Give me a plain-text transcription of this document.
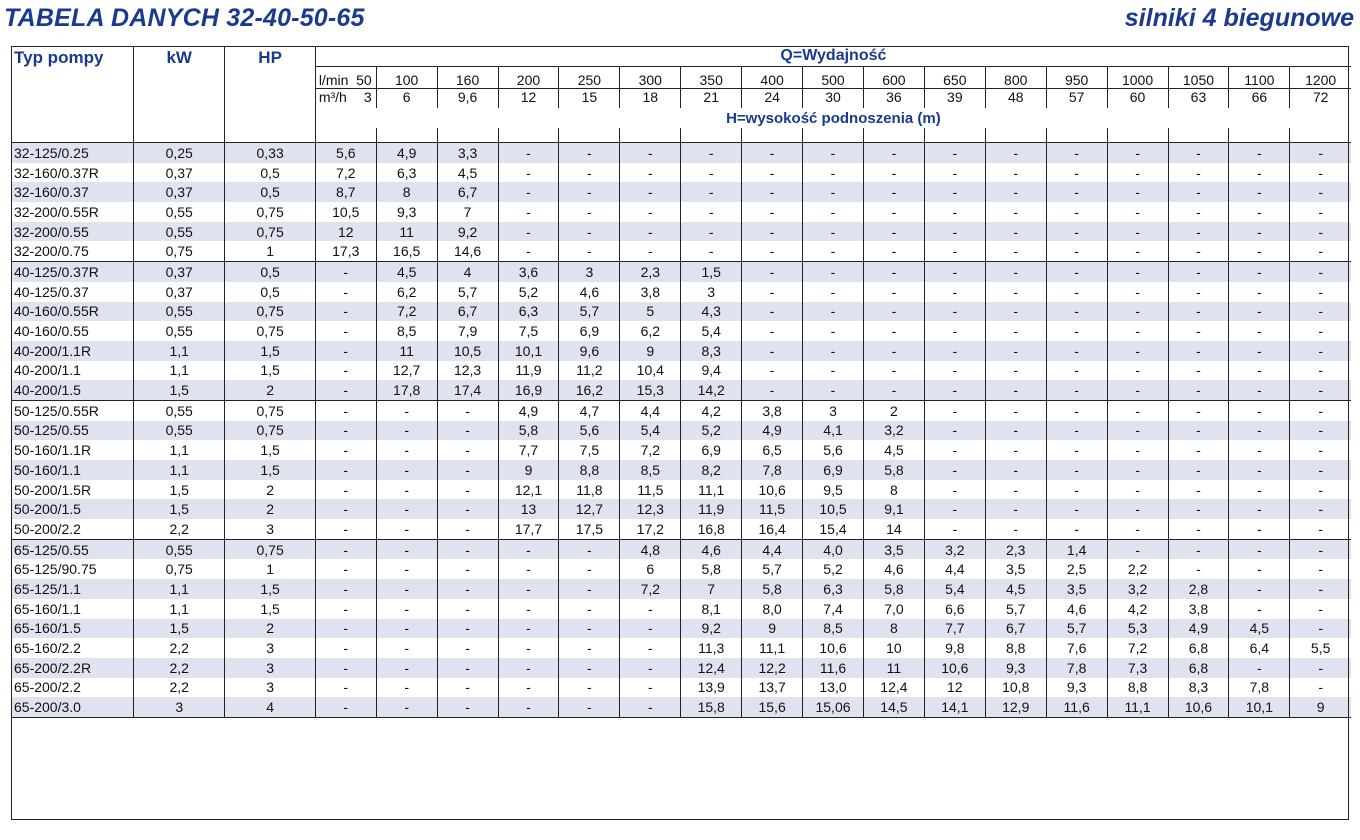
TABELA DANYCH 32-40-50-65	silniki 4 biegunowe
Typ pompy	kW	HP	Q=Wydajność																
			l/min 50	100	160	200	250	300	350	400	500	600	650	800	950	1000	1050	1100	1200
			m³/h 3	6	9,6	12	15	18	21	24	30	36	39	48	57	60	63	66	72
			H=wysokość podnoszenia (m)																

32-125/0.25	0,25	0,33	5,6	4,9	3,3	-	-	-	-	-	-	-	-	-	-	-	-	-	-
32-160/0.37R	0,37	0,5	7,2	6,3	4,5	-	-	-	-	-	-	-	-	-	-	-	-	-	-
32-160/0.37	0,37	0,5	8,7	8	6,7	-	-	-	-	-	-	-	-	-	-	-	-	-	-
32-200/0.55R	0,55	0,75	10,5	9,3	7	-	-	-	-	-	-	-	-	-	-	-	-	-	-
32-200/0.55	0,55	0,75	12	11	9,2	-	-	-	-	-	-	-	-	-	-	-	-	-	-
32-200/0.75	0,75	1	17,3	16,5	14,6	-	-	-	-	-	-	-	-	-	-	-	-	-	-
40-125/0.37R	0,37	0,5	-	4,5	4	3,6	3	2,3	1,5	-	-	-	-	-	-	-	-	-	-
40-125/0.37	0,37	0,5	-	6,2	5,7	5,2	4,6	3,8	3	-	-	-	-	-	-	-	-	-	-
40-160/0.55R	0,55	0,75	-	7,2	6,7	6,3	5,7	5	4,3	-	-	-	-	-	-	-	-	-	-
40-160/0.55	0,55	0,75	-	8,5	7,9	7,5	6,9	6,2	5,4	-	-	-	-	-	-	-	-	-	-
40-200/1.1R	1,1	1,5	-	11	10,5	10,1	9,6	9	8,3	-	-	-	-	-	-	-	-	-	-
40-200/1.1	1,1	1,5	-	12,7	12,3	11,9	11,2	10,4	9,4	-	-	-	-	-	-	-	-	-	-
40-200/1.5	1,5	2	-	17,8	17,4	16,9	16,2	15,3	14,2	-	-	-	-	-	-	-	-	-	-
50-125/0.55R	0,55	0,75	-	-	-	4,9	4,7	4,4	4,2	3,8	3	2	-	-	-	-	-	-	-
50-125/0.55	0,55	0,75	-	-	-	5,8	5,6	5,4	5,2	4,9	4,1	3,2	-	-	-	-	-	-	-
50-160/1.1R	1,1	1,5	-	-	-	7,7	7,5	7,2	6,9	6,5	5,6	4,5	-	-	-	-	-	-	-
50-160/1.1	1,1	1,5	-	-	-	9	8,8	8,5	8,2	7,8	6,9	5,8	-	-	-	-	-	-	-
50-200/1.5R	1,5	2	-	-	-	12,1	11,8	11,5	11,1	10,6	9,5	8	-	-	-	-	-	-	-
50-200/1.5	1,5	2	-	-	-	13	12,7	12,3	11,9	11,5	10,5	9,1	-	-	-	-	-	-	-
50-200/2.2	2,2	3	-	-	-	17,7	17,5	17,2	16,8	16,4	15,4	14	-	-	-	-	-	-	-
65-125/0.55	0,55	0,75	-	-	-	-	-	4,8	4,6	4,4	4,0	3,5	3,2	2,3	1,4	-	-	-	-
65-125/90.75	0,75	1	-	-	-	-	-	6	5,8	5,7	5,2	4,6	4,4	3,5	2,5	2,2	-	-	-
65-125/1.1	1,1	1,5	-	-	-	-	-	7,2	7	5,8	6,3	5,8	5,4	4,5	3,5	3,2	2,8	-	-
65-160/1.1	1,1	1,5	-	-	-	-	-	-	8,1	8,0	7,4	7,0	6,6	5,7	4,6	4,2	3,8	-	-
65-160/1.5	1,5	2	-	-	-	-	-	-	9,2	9	8,5	8	7,7	6,7	5,7	5,3	4,9	4,5	-
65-160/2.2	2,2	3	-	-	-	-	-	-	11,3	11,1	10,6	10	9,8	8,8	7,6	7,2	6,8	6,4	5,5
65-200/2.2R	2,2	3	-	-	-	-	-	-	12,4	12,2	11,6	11	10,6	9,3	7,8	7,3	6,8	-	-
65-200/2.2	2,2	3	-	-	-	-	-	-	13,9	13,7	13,0	12,4	12	10,8	9,3	8,8	8,3	7,8	-
65-200/3.0	3	4	-	-	-	-	-	-	15,8	15,6	15,06	14,5	14,1	12,9	11,6	11,1	10,6	10,1	9
